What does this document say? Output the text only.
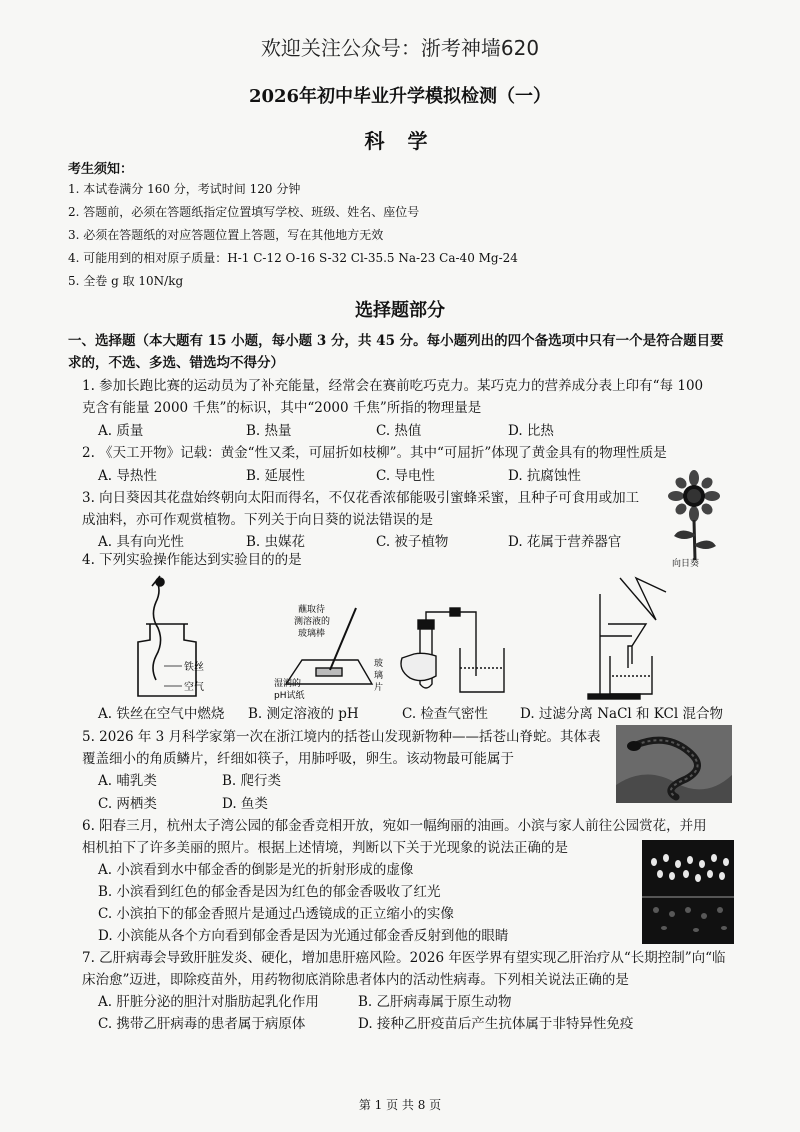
欢迎关注公众号：浙考神墙620
2026年初中毕业升学模拟检测（一）
科 学
考生须知：
1. 本试卷满分 160 分，考试时间 120 分钟
2. 答题前，必须在答题纸指定位置填写学校、班级、姓名、座位号
3. 必须在答题纸的对应答题位置上答题，写在其他地方无效
4. 可能用到的相对原子质量：H-1 C-12 O-16 S-32 Cl-35.5 Na-23 Ca-40 Mg-24
5. 全卷 g 取 10N/kg
选择题部分
一、选择题（本大题有 15 小题，每小题 3 分，共 45 分。每小题列出的四个备选项中只有一个是符合题目要
求的，不选、多选、错选均不得分）
1. 参加长跑比赛的运动员为了补充能量，经常会在赛前吃巧克力。某巧克力的营养成分表上印有“每 100
克含有能量 2000 千焦”的标识，其中“2000 千焦”所指的物理量是
A. 质量	B. 热量	C. 热值	D. 比热
2. 《天工开物》记载：黄金“性又柔，可屈折如枝柳”。其中“可屈折”体现了黄金具有的物理性质是
A. 导热性	B. 延展性	C. 导电性	D. 抗腐蚀性
3. 向日葵因其花盘始终朝向太阳而得名，不仅花香浓郁能吸引蜜蜂采蜜，且种子可食用或加工
成油料，亦可作观赏植物。下列关于向日葵的说法错误的是
A. 具有向光性	B. 虫媒花	C. 被子植物	D. 花属于营养器官
向日葵
4. 下列实验操作能达到实验目的的是
铁丝
空气
蘸取待
测溶液的
玻璃棒
湿润的
pH试纸
玻
璃
片
A. 铁丝在空气中燃烧 B. 测定溶液的 pH	C. 检查气密性 D. 过滤分离 NaCl 和 KCl 混合物
5. 2026 年 3 月科学家第一次在浙江境内的括苍山发现新物种——括苍山脊蛇。其体表
覆盖细小的角质鳞片，纤细如筷子，用肺呼吸，卵生。该动物最可能属于
A. 哺乳类	B. 爬行类
C. 两栖类	D. 鱼类
6. 阳春三月，杭州太子湾公园的郁金香竞相开放，宛如一幅绚丽的油画。小滨与家人前往公园赏花，并用
相机拍下了许多美丽的照片。根据上述情境，判断以下关于光现象的说法正确的是
A. 小滨看到水中郁金香的倒影是光的折射形成的虚像
B. 小滨看到红色的郁金香是因为红色的郁金香吸收了红光
C. 小滨拍下的郁金香照片是通过凸透镜成的正立缩小的实像
D. 小滨能从各个方向看到郁金香是因为光通过郁金香反射到他的眼睛
7. 乙肝病毒会导致肝脏发炎、硬化，增加患肝癌风险。2026 年医学界有望实现乙肝治疗从“长期控制”向“临
床治愈”迈进，即除疫苗外，用药物彻底消除患者体内的活动性病毒。下列相关说法正确的是
A. 肝脏分泌的胆汁对脂肪起乳化作用	B. 乙肝病毒属于原生动物
C. 携带乙肝病毒的患者属于病原体	D. 接种乙肝疫苗后产生抗体属于非特异性免疫
第 1 页 共 8 页
